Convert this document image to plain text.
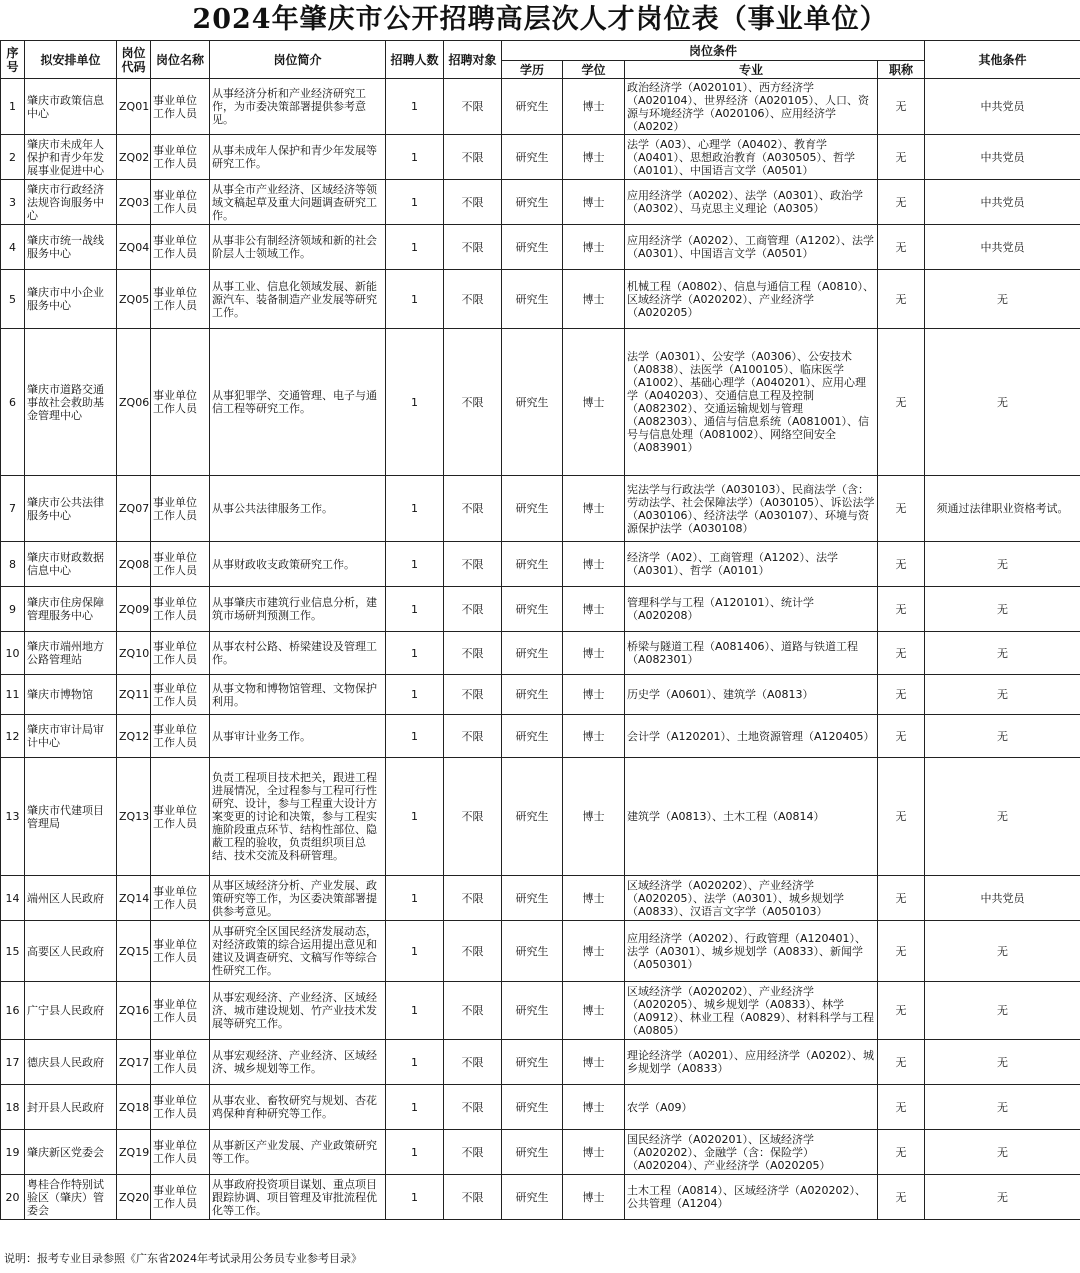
2024年肇庆市公开招聘高层次人才岗位表（事业单位）
序号	拟安排单位	岗位代码	岗位名称	岗位简介	招聘人数	招聘对象	岗位条件				其他条件
							学历	学位	专业	职称	
1	肇庆市政策信息中心	ZQ01	事业单位工作人员	从事经济分析和产业经济研究工作，为市委决策部署提供参考意见。	1	不限	研究生	博士	政治经济学（A020101）、西方经济学（A020104）、世界经济（A020105）、人口、资源与环境经济学（A020106）、应用经济学（A0202）	无	中共党员
2	肇庆市未成年人保护和青少年发展事业促进中心	ZQ02	事业单位工作人员	从事未成年人保护和青少年发展等研究工作。	1	不限	研究生	博士	法学（A03）、心理学（A0402）、教育学（A0401）、思想政治教育（A030505）、哲学（A0101）、中国语言文学（A0501）	无	中共党员
3	肇庆市行政经济法规咨询服务中心	ZQ03	事业单位工作人员	从事全市产业经济、区域经济等领域文稿起草及重大问题调查研究工作。	1	不限	研究生	博士	应用经济学（A0202）、法学（A0301）、政治学（A0302）、马克思主义理论（A0305）	无	中共党员
4	肇庆市统一战线服务中心	ZQ04	事业单位工作人员	从事非公有制经济领域和新的社会阶层人士领域工作。	1	不限	研究生	博士	应用经济学（A0202）、工商管理（A1202）、法学（A0301）、中国语言文学（A0501）	无	中共党员
5	肇庆市中小企业服务中心	ZQ05	事业单位工作人员	从事工业、信息化领域发展、新能源汽车、装备制造产业发展等研究工作。	1	不限	研究生	博士	机械工程（A0802）、信息与通信工程（A0810）、区域经济学（A020202）、产业经济学（A020205）	无	无
6	肇庆市道路交通事故社会救助基金管理中心	ZQ06	事业单位工作人员	从事犯罪学、交通管理、电子与通信工程等研究工作。	1	不限	研究生	博士	法学（A0301）、公安学（A0306）、公安技术（A0838）、法医学（A100105）、临床医学（A1002）、基础心理学（A040201）、应用心理学（A040203）、交通信息工程及控制（A082302）、交通运输规划与管理（A082303）、通信与信息系统（A081001）、信号与信息处理（A081002）、网络空间安全（A083901）	无	无
7	肇庆市公共法律服务中心	ZQ07	事业单位工作人员	从事公共法律服务工作。	1	不限	研究生	博士	宪法学与行政法学（A030103）、民商法学（含：劳动法学、社会保障法学）（A030105）、诉讼法学（A030106）、经济法学（A030107）、环境与资源保护法学（A030108）	无	须通过法律职业资格考试。
8	肇庆市财政数据信息中心	ZQ08	事业单位工作人员	从事财政收支政策研究工作。	1	不限	研究生	博士	经济学（A02）、工商管理（A1202）、法学（A0301）、哲学（A0101）	无	无
9	肇庆市住房保障管理服务中心	ZQ09	事业单位工作人员	从事肇庆市建筑行业信息分析，建筑市场研判预测工作。	1	不限	研究生	博士	管理科学与工程（A120101）、统计学（A020208）	无	无
10	肇庆市端州地方公路管理站	ZQ10	事业单位工作人员	从事农村公路、桥梁建设及管理工作。	1	不限	研究生	博士	桥梁与隧道工程（A081406）、道路与铁道工程（A082301）	无	无
11	肇庆市博物馆	ZQ11	事业单位工作人员	从事文物和博物馆管理、文物保护利用。	1	不限	研究生	博士	历史学（A0601）、建筑学（A0813）	无	无
12	肇庆市审计局审计中心	ZQ12	事业单位工作人员	从事审计业务工作。	1	不限	研究生	博士	会计学（A120201）、土地资源管理（A120405）	无	无
13	肇庆市代建项目管理局	ZQ13	事业单位工作人员	负责工程项目技术把关，跟进工程进展情况，全过程参与工程可行性研究、设计，参与工程重大设计方案变更的讨论和决策，参与工程实施阶段重点环节、结构性部位、隐蔽工程的验收，负责组织项目总结、技术交流及科研管理。	1	不限	研究生	博士	建筑学（A0813）、土木工程（A0814）	无	无
14	端州区人民政府	ZQ14	事业单位工作人员	从事区域经济分析、产业发展、政策研究等工作，为区委决策部署提供参考意见。	1	不限	研究生	博士	区域经济学（A020202）、产业经济学（A020205）、法学（A0301）、城乡规划学（A0833）、汉语言文字学（A050103）	无	中共党员
15	高要区人民政府	ZQ15	事业单位工作人员	从事研究全区国民经济发展动态，对经济政策的综合运用提出意见和建议及调查研究、文稿写作等综合性研究工作。	1	不限	研究生	博士	应用经济学（A0202）、行政管理（A120401）、法学（A0301）、城乡规划学（A0833）、新闻学（A050301）	无	无
16	广宁县人民政府	ZQ16	事业单位工作人员	从事宏观经济、产业经济、区域经济、城市建设规划、竹产业技术发展等研究工作。	1	不限	研究生	博士	区域经济学（A020202）、产业经济学（A020205）、城乡规划学（A0833）、林学（A0912）、林业工程（A0829）、材料科学与工程（A0805）	无	无
17	德庆县人民政府	ZQ17	事业单位工作人员	从事宏观经济、产业经济、区域经济、城乡规划等工作。	1	不限	研究生	博士	理论经济学（A0201）、应用经济学（A0202）、城乡规划学（A0833）	无	无
18	封开县人民政府	ZQ18	事业单位工作人员	从事农业、畜牧研究与规划、杏花鸡保种育种研究等工作。	1	不限	研究生	博士	农学（A09）	无	无
19	肇庆新区党委会	ZQ19	事业单位工作人员	从事新区产业发展、产业政策研究等工作。	1	不限	研究生	博士	国民经济学（A020201）、区域经济学（A020202）、金融学（含：保险学）（A020204）、产业经济学（A020205）	无	无
20	粤桂合作特别试验区（肇庆）管委会	ZQ20	事业单位工作人员	从事政府投资项目谋划、重点项目跟踪协调、项目管理及审批流程优化等工作。	1	不限	研究生	博士	土木工程（A0814）、区域经济学（A020202）、公共管理（A1204）	无	无
说明：报考专业目录参照《广东省2024年考试录用公务员专业参考目录》
